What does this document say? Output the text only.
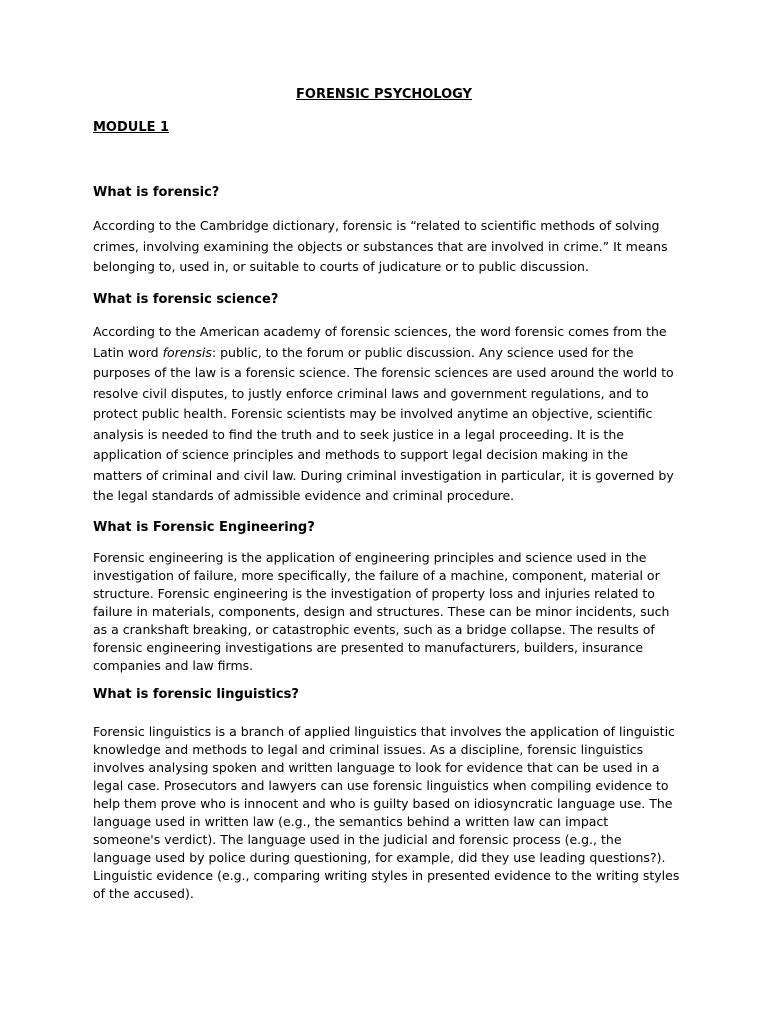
FORENSIC PSYCHOLOGY
MODULE 1
What is forensic?

According to the Cambridge dictionary, forensic is “related to scientific methods of solving
crimes, involving examining the objects or substances that are involved in crime.” It means
belonging to, used in, or suitable to courts of judicature or to public discussion.

What is forensic science?

According to the American academy of forensic sciences, the word forensic comes from the
Latin word forensis: public, to the forum or public discussion. Any science used for the
purposes of the law is a forensic science. The forensic sciences are used around the world to
resolve civil disputes, to justly enforce criminal laws and government regulations, and to
protect public health. Forensic scientists may be involved anytime an objective, scientific
analysis is needed to find the truth and to seek justice in a legal proceeding. It is the
application of science principles and methods to support legal decision making in the
matters of criminal and civil law. During criminal investigation in particular, it is governed by
the legal standards of admissible evidence and criminal procedure.

What is Forensic Engineering?

Forensic engineering is the application of engineering principles and science used in the
investigation of failure, more specifically, the failure of a machine, component, material or
structure. Forensic engineering is the investigation of property loss and injuries related to
failure in materials, components, design and structures. These can be minor incidents, such
as a crankshaft breaking, or catastrophic events, such as a bridge collapse. The results of
forensic engineering investigations are presented to manufacturers, builders, insurance
companies and law firms.

What is forensic linguistics?

Forensic linguistics is a branch of applied linguistics that involves the application of linguistic
knowledge and methods to legal and criminal issues. As a discipline, forensic linguistics
involves analysing spoken and written language to look for evidence that can be used in a
legal case. Prosecutors and lawyers can use forensic linguistics when compiling evidence to
help them prove who is innocent and who is guilty based on idiosyncratic language use. The
language used in written law (e.g., the semantics behind a written law can impact
someone's verdict). The language used in the judicial and forensic process (e.g., the
language used by police during questioning, for example, did they use leading questions?).
Linguistic evidence (e.g., comparing writing styles in presented evidence to the writing styles
of the accused).
